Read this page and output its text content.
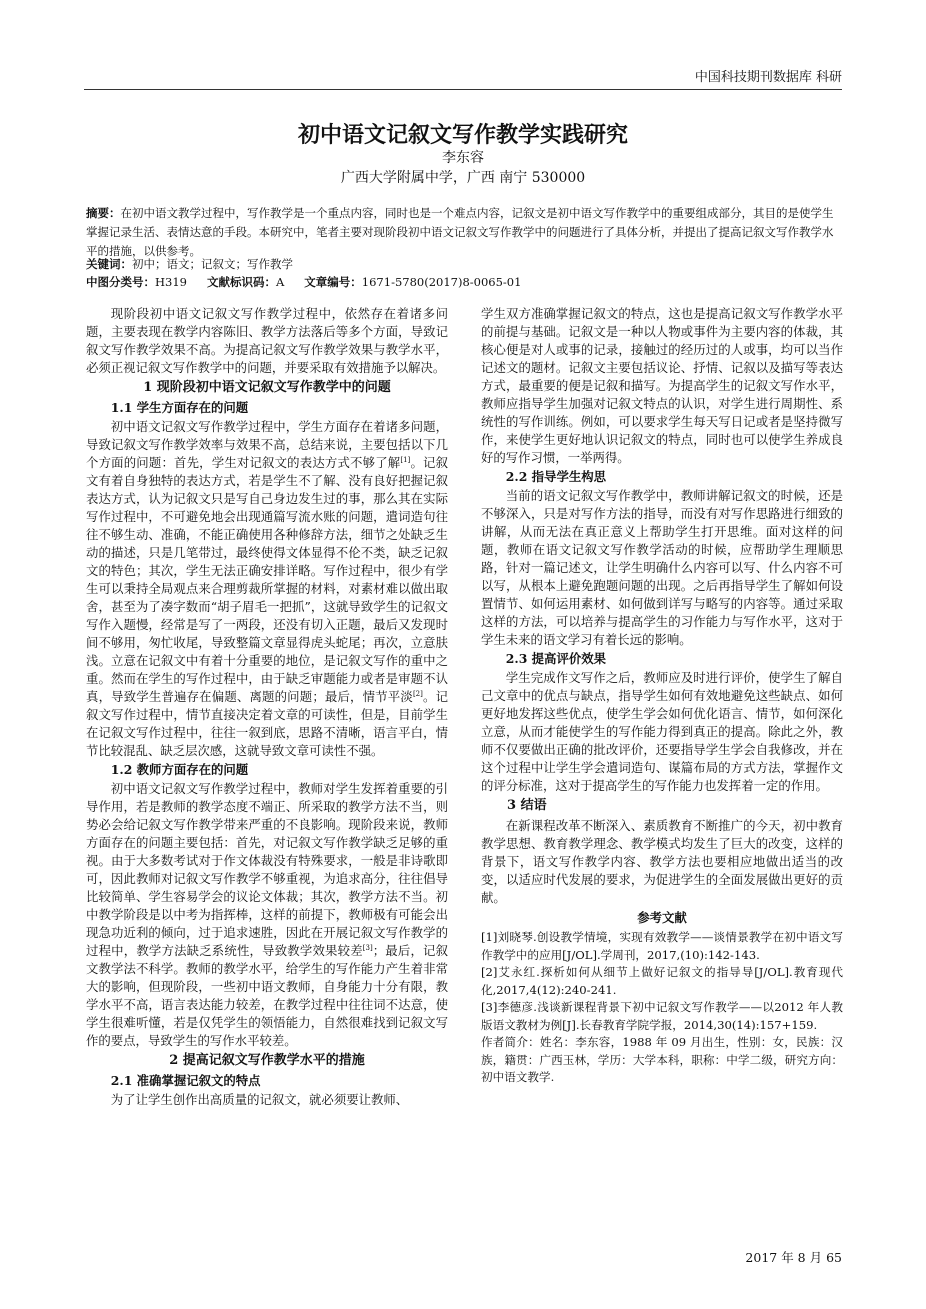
中国科技期刊数据库 科研
初中语文记叙文写作教学实践研究
李东容
广西大学附属中学，广西 南宁 530000
摘要：在初中语文教学过程中，写作教学是一个重点内容，同时也是一个难点内容，记叙文是初中语文写作教学中的重要组成部分，其目的是使学生掌握记录生活、表情达意的手段。本研究中，笔者主要对现阶段初中语文记叙文写作教学中的问题进行了具体分析，并提出了提高记叙文写作教学水平的措施，以供参考。
关键词：初中；语文；记叙文；写作教学
中图分类号：H319 文献标识码：A 文章编号：1671-5780(2017)8-0065-01

现阶段初中语文记叙文写作教学过程中，依然存在着诸多问题，主要表现在教学内容陈旧、教学方法落后等多个方面，导致记叙文写作教学效果不高。为提高记叙文写作教学效果与教学水平，必须正视记叙文写作教学中的问题，并要采取有效措施予以解决。

1 现阶段初中语文记叙文写作教学中的问题
1.1 学生方面存在的问题

初中语文记叙文写作教学过程中，学生方面存在着诸多问题，导致记叙文写作教学效率与效果不高，总结来说，主要包括以下几个方面的问题：首先，学生对记叙文的表达方式不够了解[1]。记叙文有着自身独特的表达方式，若是学生不了解、没有良好把握记叙表达方式，认为记叙文只是写自己身边发生过的事，那么其在实际写作过程中，不可避免地会出现通篇写流水账的问题，遣词造句往往不够生动、准确，不能正确使用各种修辞方法，细节之处缺乏生动的描述，只是几笔带过，最终使得文体显得不伦不类，缺乏记叙文的特色；其次，学生无法正确安排详略。写作过程中，很少有学生可以秉持全局观点来合理剪裁所掌握的材料，对素材难以做出取舍，甚至为了凑字数而“胡子眉毛一把抓”，这就导致学生的记叙文写作入题慢，经常是写了一两段，还没有切入正题，最后又发现时间不够用，匆忙收尾，导致整篇文章显得虎头蛇尾；再次，立意肤浅。立意在记叙文中有着十分重要的地位，是记叙文写作的重中之重。然而在学生的写作过程中，由于缺乏审题能力或者是审题不认真，导致学生普遍存在偏题、离题的问题；最后，情节平淡[2]。记叙文写作过程中，情节直接决定着文章的可读性，但是，目前学生在记叙文写作过程中，往往一叙到底，思路不清晰，语言平白，情节比较混乱、缺乏层次感，这就导致文章可读性不强。

1.2 教师方面存在的问题

初中语文记叙文写作教学过程中，教师对学生发挥着重要的引导作用，若是教师的教学态度不端正、所采取的教学方法不当，则势必会给记叙文写作教学带来严重的不良影响。现阶段来说，教师方面存在的问题主要包括：首先，对记叙文写作教学缺乏足够的重视。由于大多数考试对于作文体裁没有特殊要求，一般是非诗歌即可，因此教师对记叙文写作教学不够重视，为追求高分，往往倡导比较简单、学生容易学会的议论文体裁；其次，教学方法不当。初中教学阶段是以中考为指挥棒，这样的前提下，教师极有可能会出现急功近利的倾向，过于追求速胜，因此在开展记叙文写作教学的过程中，教学方法缺乏系统性，导致教学效果较差[3]；最后，记叙文教学法不科学。教师的教学水平，给学生的写作能力产生着非常大的影响，但现阶段，一些初中语文教师，自身能力十分有限，教学水平不高，语言表达能力较差，在教学过程中往往词不达意，使学生很难听懂，若是仅凭学生的领悟能力，自然很难找到记叙文写作的要点，导致学生的写作水平较差。

2 提高记叙文写作教学水平的措施
2.1 准确掌握记叙文的特点

为了让学生创作出高质量的记叙文，就必须要让教师、

学生双方准确掌握记叙文的特点，这也是提高记叙文写作教学水平的前提与基础。记叙文是一种以人物或事件为主要内容的体裁，其核心便是对人或事的记录，接触过的经历过的人或事，均可以当作记述文的题材。记叙文主要包括议论、抒情、记叙以及描写等表达方式，最重要的便是记叙和描写。为提高学生的记叙文写作水平，教师应指导学生加强对记叙文特点的认识，对学生进行周期性、系统性的写作训练。例如，可以要求学生每天写日记或者是坚持微写作，来使学生更好地认识记叙文的特点，同时也可以使学生养成良好的写作习惯，一举两得。

2.2 指导学生构思

当前的语文记叙文写作教学中，教师讲解记叙文的时候，还是不够深入，只是对写作方法的指导，而没有对写作思路进行细致的讲解，从而无法在真正意义上帮助学生打开思维。面对这样的问题，教师在语文记叙文写作教学活动的时候，应帮助学生理顺思路，针对一篇记述文，让学生明确什么内容可以写、什么内容不可以写，从根本上避免跑题问题的出现。之后再指导学生了解如何设置情节、如何运用素材、如何做到详写与略写的内容等。通过采取这样的方法，可以培养与提高学生的习作能力与写作水平，这对于学生未来的语文学习有着长远的影响。

2.3 提高评价效果

学生完成作文写作之后，教师应及时进行评价，使学生了解自己文章中的优点与缺点，指导学生如何有效地避免这些缺点、如何更好地发挥这些优点，使学生学会如何优化语言、情节，如何深化立意，从而才能使学生的写作能力得到真正的提高。除此之外，教师不仅要做出正确的批改评价，还要指导学生学会自我修改，并在这个过程中让学生学会遣词造句、谋篇布局的方式方法，掌握作文的评分标准，这对于提高学生的写作能力也发挥着一定的作用。

3 结语

在新课程改革不断深入、素质教育不断推广的今天，初中教育教学思想、教育教学理念、教学模式均发生了巨大的改变，这样的背景下，语文写作教学内容、教学方法也要相应地做出适当的改变，以适应时代发展的要求，为促进学生的全面发展做出更好的贡献。

参考文献
[1]刘晓琴.创设教学情境，实现有效教学——谈情景教学在初中语文写作教学中的应用[J/OL].学周刊，2017,(10):142-143.
[2]艾永红.探析如何从细节上做好记叙文的指导导[J/OL].教育现代化,2017,4(12):240-241.
[3]李德彦.浅谈新课程背景下初中记叙文写作教学——以2012 年人教版语文教材为例[J].长春教育学院学报，2014,30(14):157+159.
作者简介：姓名：李东容，1988 年 09 月出生，性别：女，民族：汉族，籍贯：广西玉林，学历：大学本科，职称：中学二级，研究方向：初中语文教学.
2017 年 8 月 65
